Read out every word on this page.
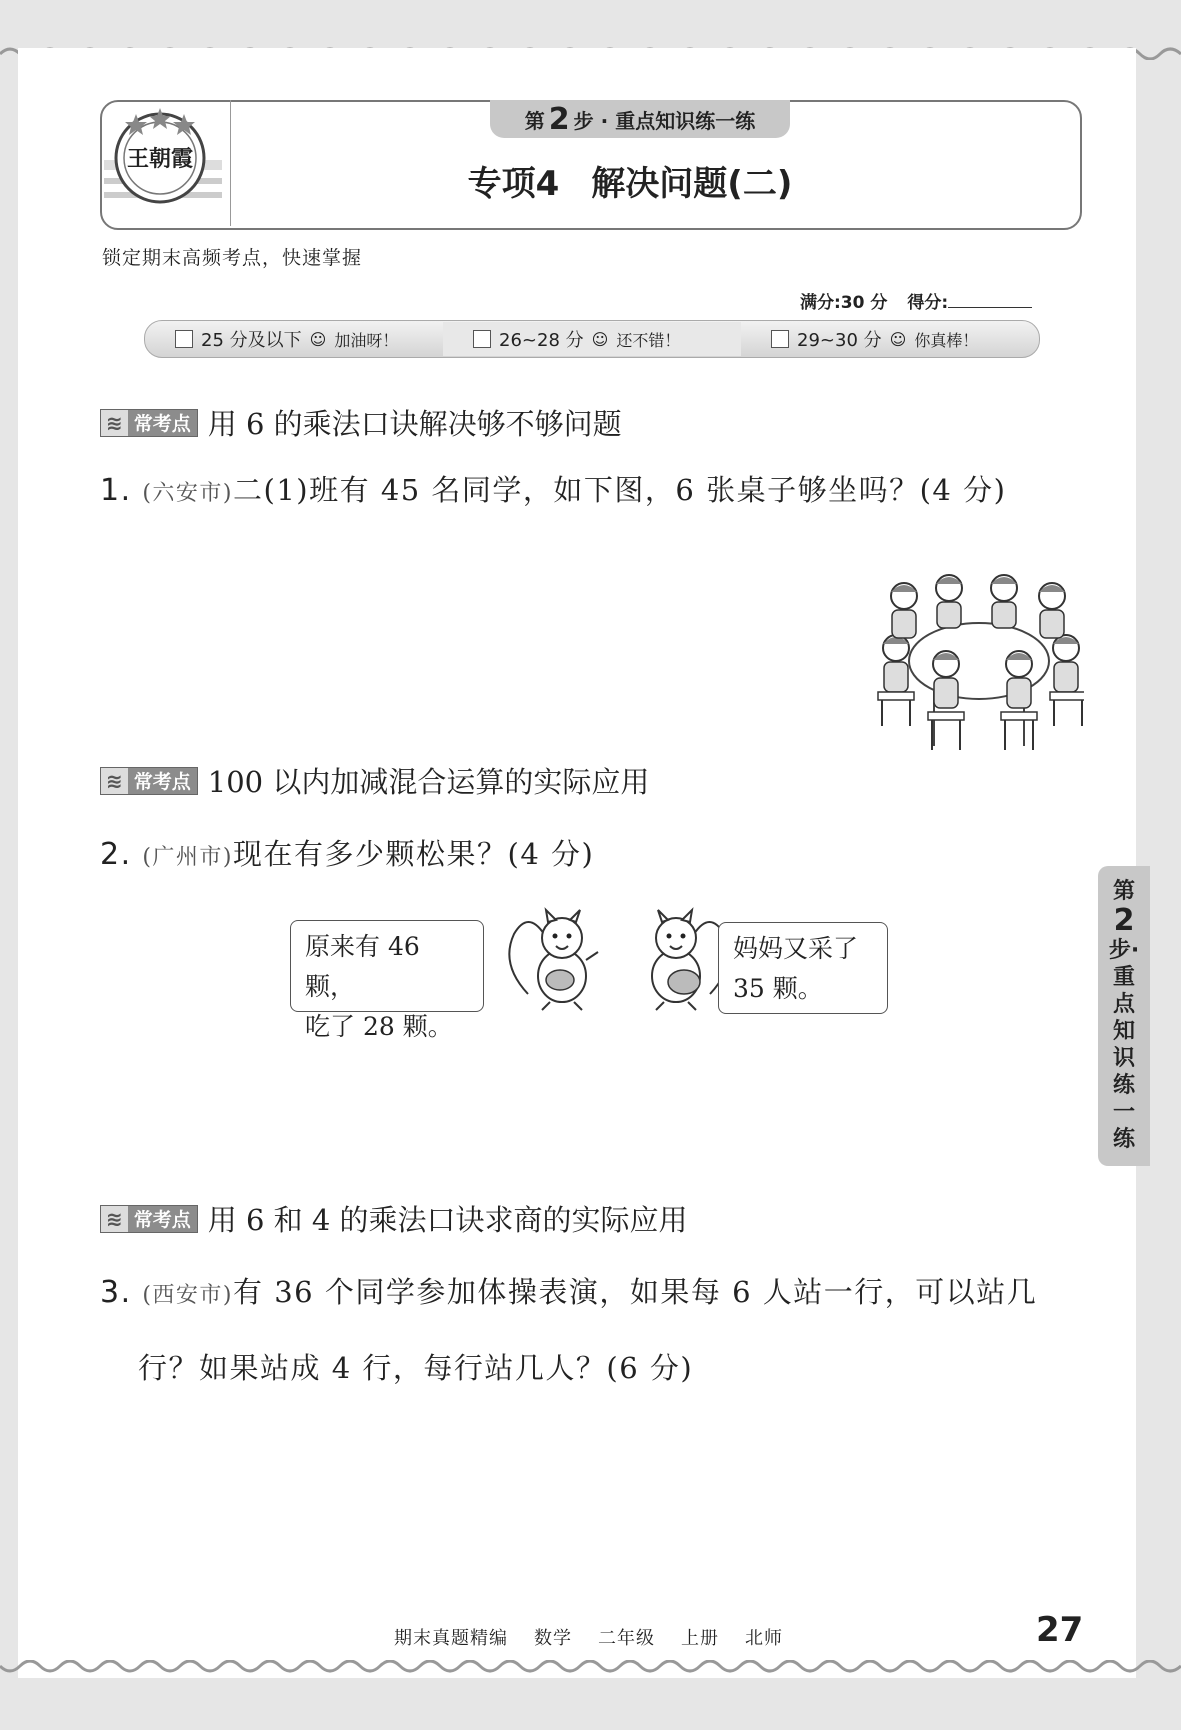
王朝霞
第 2 步 · 重点知识练一练
专项4 解决问题(二)
锁定期末高频考点，快速掌握
满分:30 分 得分:
25 分及以下 ☺ 加油呀！	26~28 分 ☺ 还不错！	29~30 分 ☺ 你真棒！
≋ 常考点 用 6 的乘法口诀解决够不够问题
1. (六安市)二(1)班有 45 名同学，如下图，6 张桌子够坐吗？(4 分)
≋ 常考点 100 以内加减混合运算的实际应用
2. (广州市)现在有多少颗松果？(4 分)
原来有 46 颗，
吃了 28 颗。
妈妈又采了
35 颗。
≋ 常考点 用 6 和 4 的乘法口诀求商的实际应用
3. (西安市)有 36 个同学参加体操表演，如果每 6 人站一行，可以站几
行？如果站成 4 行，每行站几人？(6 分)
第
2
步·
重
点
知
识
练
一
练
期末真题精编 数学 二年级 上册 北师	27
